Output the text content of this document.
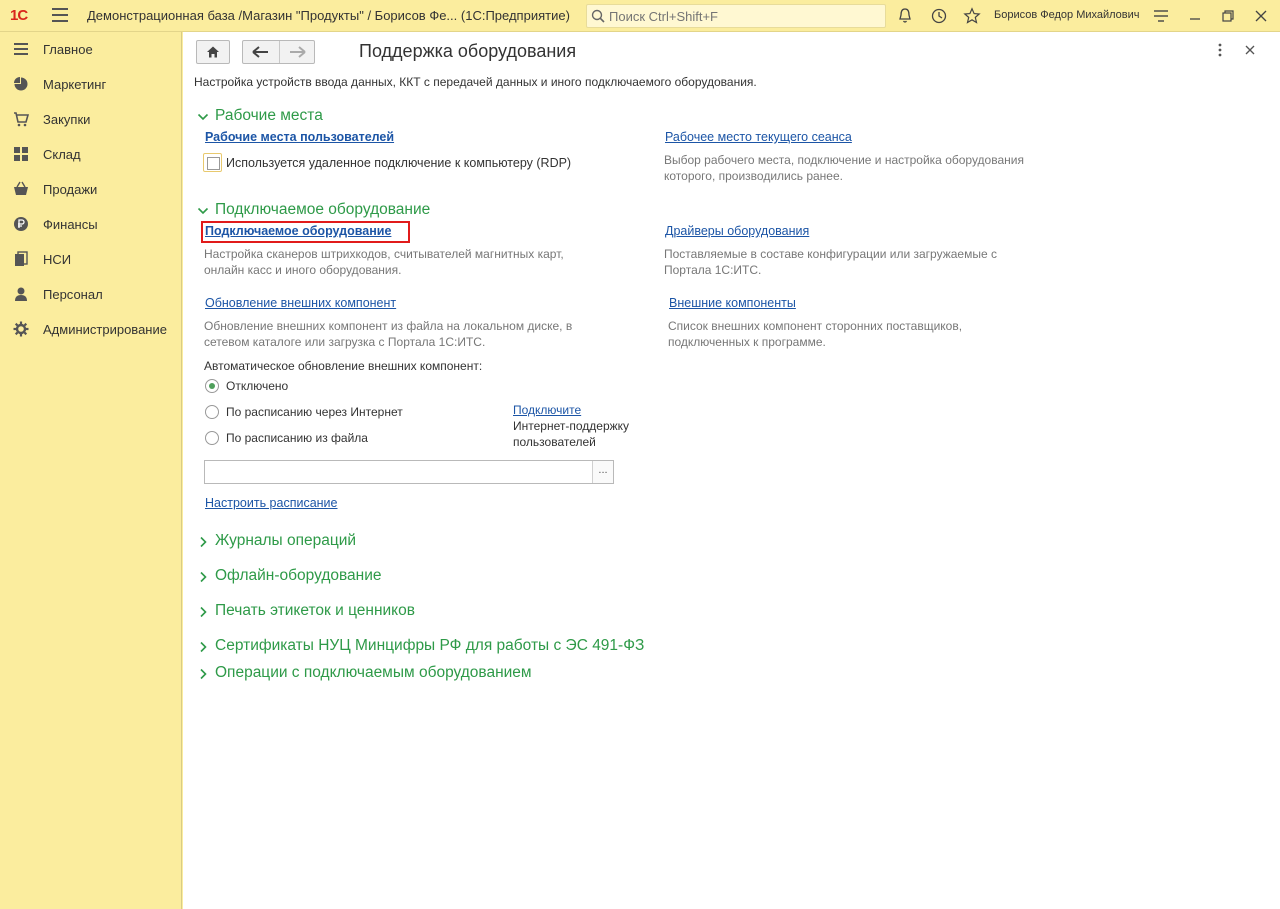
1С	Демонстрационная база /Магазин "Продукты" / Борисов Фе... (1С:Предприятие)
Поиск Ctrl+Shift+F	Борисов Федор Михайлович
Главное
Маркетинг
Закупки
Склад
Продажи
Финансы
НСИ
Персонал
Администрирование
Поддержка оборудования
Настройка устройств ввода данных, ККТ с передачей данных и иного подключаемого оборудования.
Рабочие места
Рабочие места пользователей
Используется удаленное подключение к компьютеру (RDP)
Рабочее место текущего сеанса
Выбор рабочего места, подключение и настройка оборудования
которого, производились ранее.
Подключаемое оборудование
Подключаемое оборудование
Настройка сканеров штрихкодов, считывателей магнитных карт,
онлайн касс и иного оборудования.
Драйверы оборудования
Поставляемые в составе конфигурации или загружаемые с
Портала 1С:ИТС.
Обновление внешних компонент
Обновление внешних компонент из файла на локальном диске, в
сетевом каталоге или загрузка с Портала 1С:ИТС.
Внешние компоненты
Список внешних компонент сторонних поставщиков,
подключенных к программе.
Автоматическое обновление внешних компонент:
Отключено
По расписанию через Интернет
По расписанию из файла
Подключите
Интернет-поддержку
пользователей
...
Настроить расписание
Журналы операций
Офлайн-оборудование
Печать этикеток и ценников
Сертификаты НУЦ Минцифры РФ для работы с ЭС 491-ФЗ
Операции с подключаемым оборудованием
